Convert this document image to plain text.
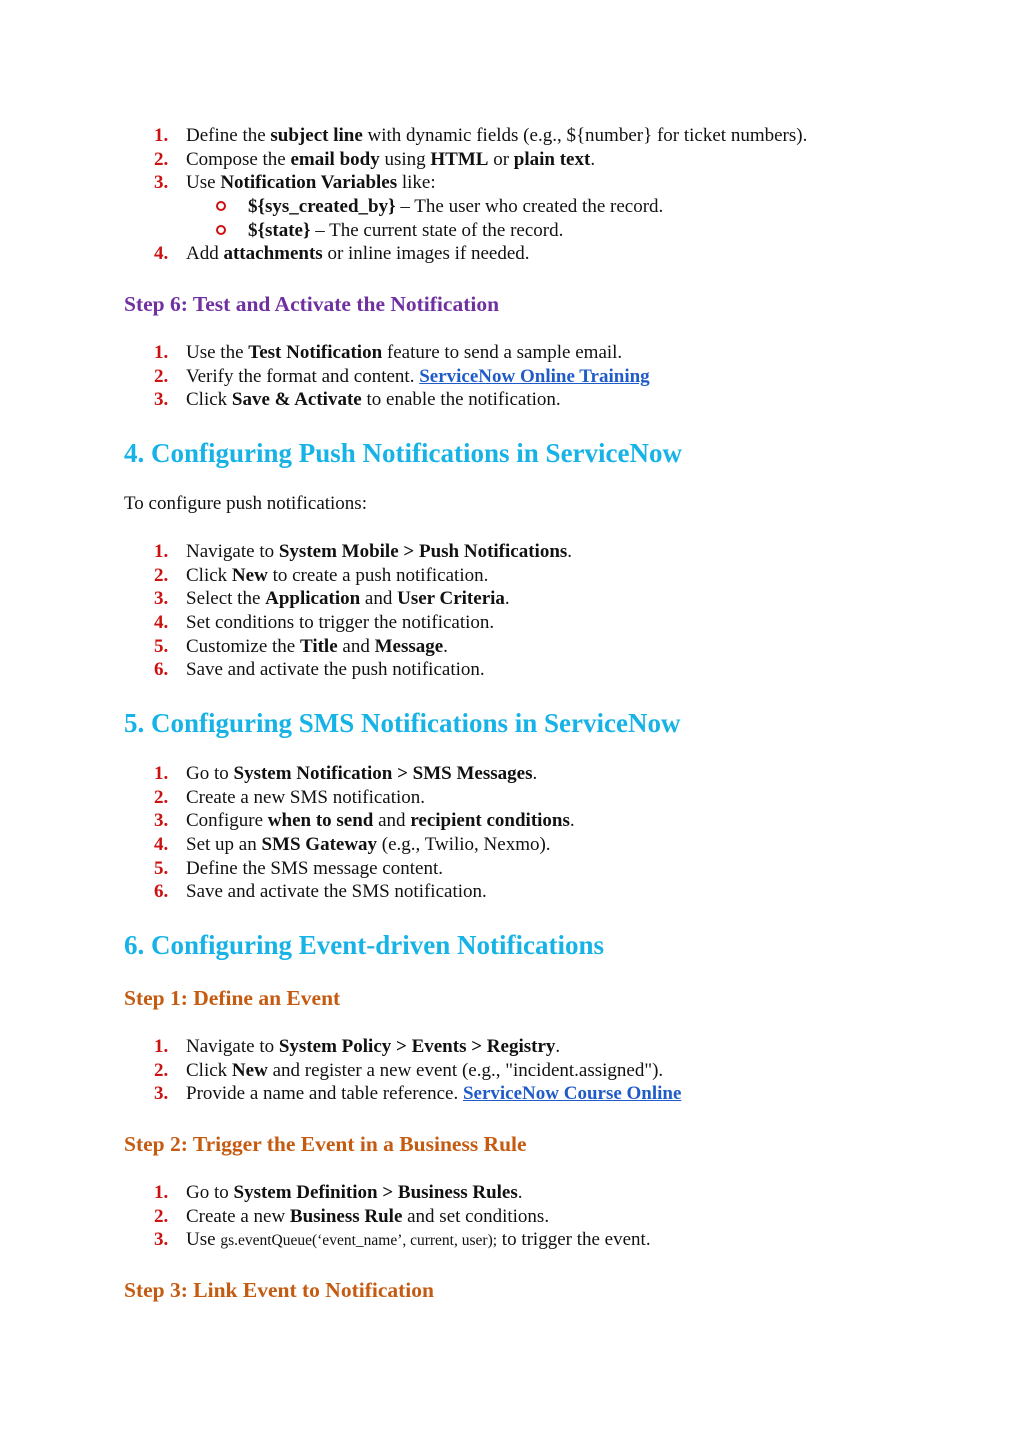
1. Define the subject line with dynamic fields (e.g., ${number} for ticket numbers).
2. Compose the email body using HTML or plain text.
3. Use Notification Variables like:
${sys_created_by} – The user who created the record.
${state} – The current state of the record.
4. Add attachments or inline images if needed.
Step 6: Test and Activate the Notification
1. Use the Test Notification feature to send a sample email.
2. Verify the format and content. ServiceNow Online Training
3. Click Save & Activate to enable the notification.
4. Configuring Push Notifications in ServiceNow
To configure push notifications:
1. Navigate to System Mobile > Push Notifications.
2. Click New to create a push notification.
3. Select the Application and User Criteria.
4. Set conditions to trigger the notification.
5. Customize the Title and Message.
6. Save and activate the push notification.
5. Configuring SMS Notifications in ServiceNow
1. Go to System Notification > SMS Messages.
2. Create a new SMS notification.
3. Configure when to send and recipient conditions.
4. Set up an SMS Gateway (e.g., Twilio, Nexmo).
5. Define the SMS message content.
6. Save and activate the SMS notification.
6. Configuring Event-driven Notifications
Step 1: Define an Event
1. Navigate to System Policy > Events > Registry.
2. Click New and register a new event (e.g., "incident.assigned").
3. Provide a name and table reference. ServiceNow Course Online
Step 2: Trigger the Event in a Business Rule
1. Go to System Definition > Business Rules.
2. Create a new Business Rule and set conditions.
3. Use gs.eventQueue(‘event_name’, current, user); to trigger the event.
Step 3: Link Event to Notification
